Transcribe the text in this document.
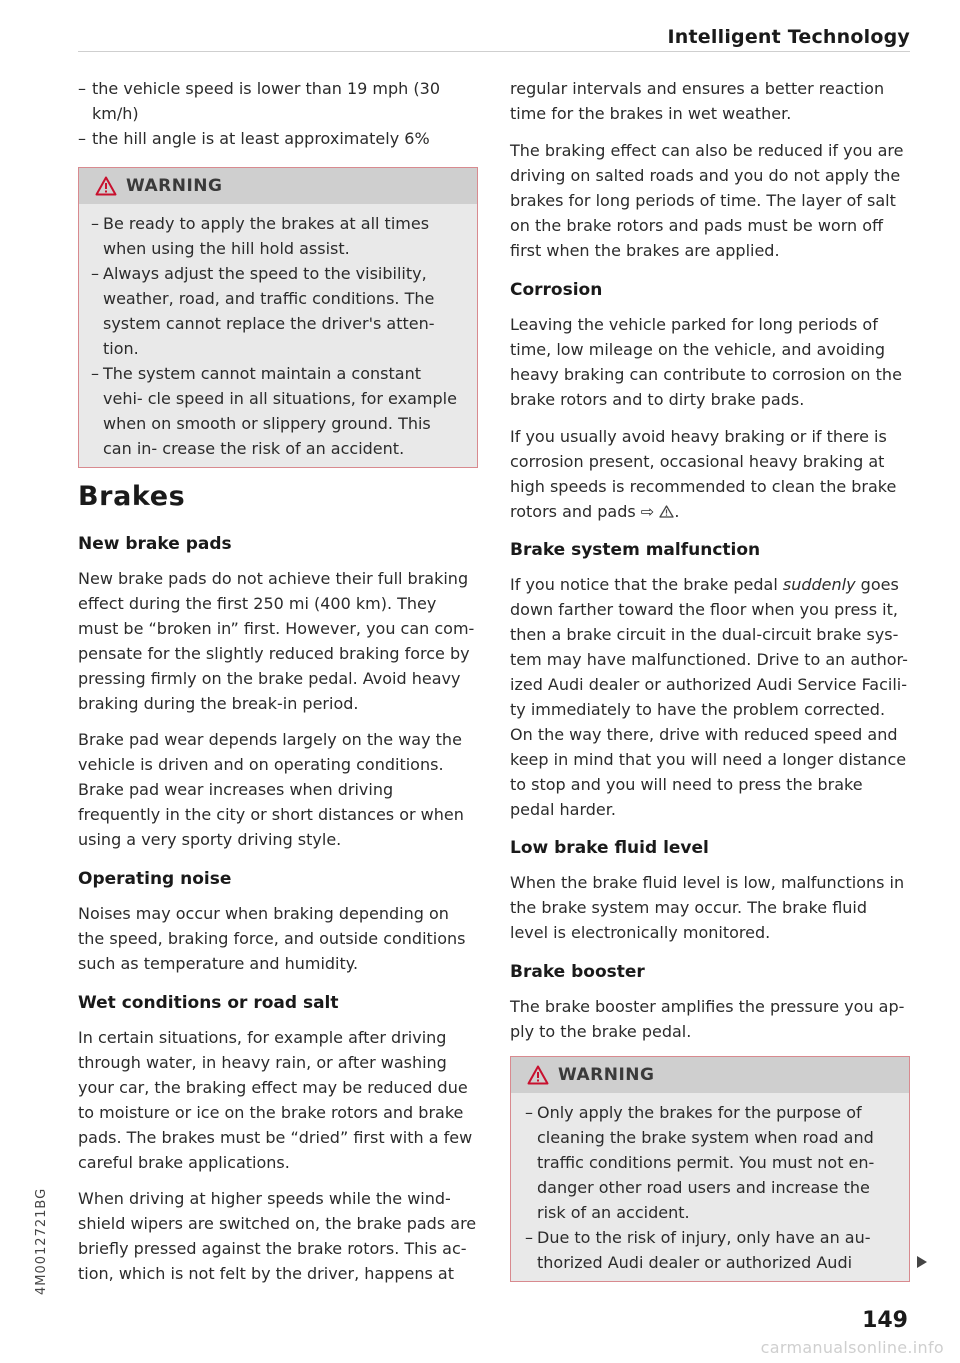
Intelligent Technology
– the vehicle speed is lower than 19 mph (30 km/h)
– the hill angle is at least approximately 6%
WARNING
– Be ready to apply the brakes at all times when using the hill hold assist.
– Always adjust the speed to the visibility, weather, road, and traffic conditions. The system cannot replace the driver's atten- tion.
– The system cannot maintain a constant vehi- cle speed in all situations, for example when on smooth or slippery ground. This can in- crease the risk of an accident.
Brakes
New brake pads

New brake pads do not achieve their full braking effect during the first 250 mi (400 km). They must be “broken in” first. However, you can com- pensate for the slightly reduced braking force by pressing firmly on the brake pedal. Avoid heavy braking during the break-in period.

Brake pad wear depends largely on the way the vehicle is driven and on operating conditions. Brake pad wear increases when driving frequently in the city or short distances or when using a very sporty driving style.

Operating noise

Noises may occur when braking depending on the speed, braking force, and outside conditions such as temperature and humidity.

Wet conditions or road salt

In certain situations, for example after driving through water, in heavy rain, or after washing your car, the braking effect may be reduced due to moisture or ice on the brake rotors and brake pads. The brakes must be “dried” first with a few careful brake applications.

When driving at higher speeds while the wind- shield wipers are switched on, the brake pads are briefly pressed against the brake rotors. This ac- tion, which is not felt by the driver, happens at

regular intervals and ensures a better reaction time for the brakes in wet weather.

The braking effect can also be reduced if you are driving on salted roads and you do not apply the brakes for long periods of time. The layer of salt on the brake rotors and pads must be worn off first when the brakes are applied.

Corrosion

Leaving the vehicle parked for long periods of time, low mileage on the vehicle, and avoiding heavy braking can contribute to corrosion on the brake rotors and to dirty brake pads.

If you usually avoid heavy braking or if there is corrosion present, occasional heavy braking at high speeds is recommended to clean the brake rotors and pads ⇨ .

Brake system malfunction

If you notice that the brake pedal suddenly goes down farther toward the floor when you press it, then a brake circuit in the dual-circuit brake sys- tem may have malfunctioned. Drive to an author- ized Audi dealer or authorized Audi Service Facili- ty immediately to have the problem corrected. On the way there, drive with reduced speed and keep in mind that you will need a longer distance to stop and you will need to press the brake pedal harder.

Low brake fluid level

When the brake fluid level is low, malfunctions in the brake system may occur. The brake fluid level is electronically monitored.

Brake booster

The brake booster amplifies the pressure you ap- ply to the brake pedal.

WARNING
– Only apply the brakes for the purpose of cleaning the brake system when road and traffic conditions permit. You must not en- danger other road users and increase the risk of an accident.
– Due to the risk of injury, only have an au- thorized Audi dealer or authorized Audi
4M0012721BG
149
carmanualsonline.info
